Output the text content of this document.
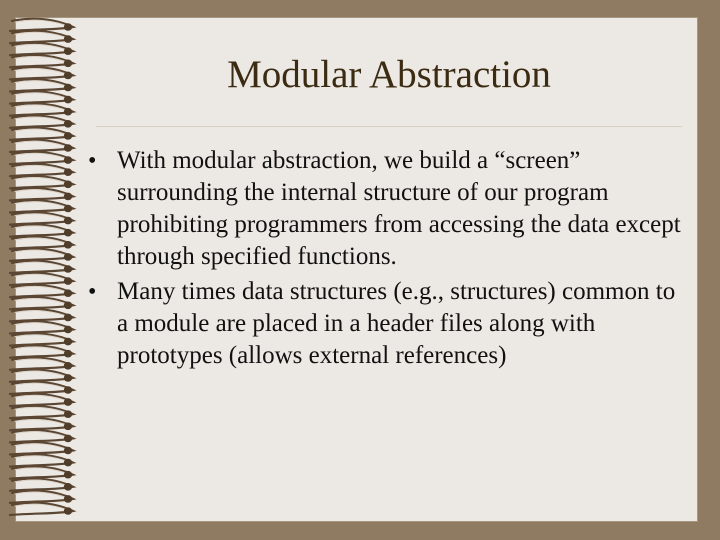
Modular Abstraction
• With modular abstraction, we build a “screen” surrounding the internal structure of our program prohibiting programmers from accessing the data except through specified functions.
• Many times data structures (e.g., structures) common to a module are placed in a header files along with prototypes (allows external references)
